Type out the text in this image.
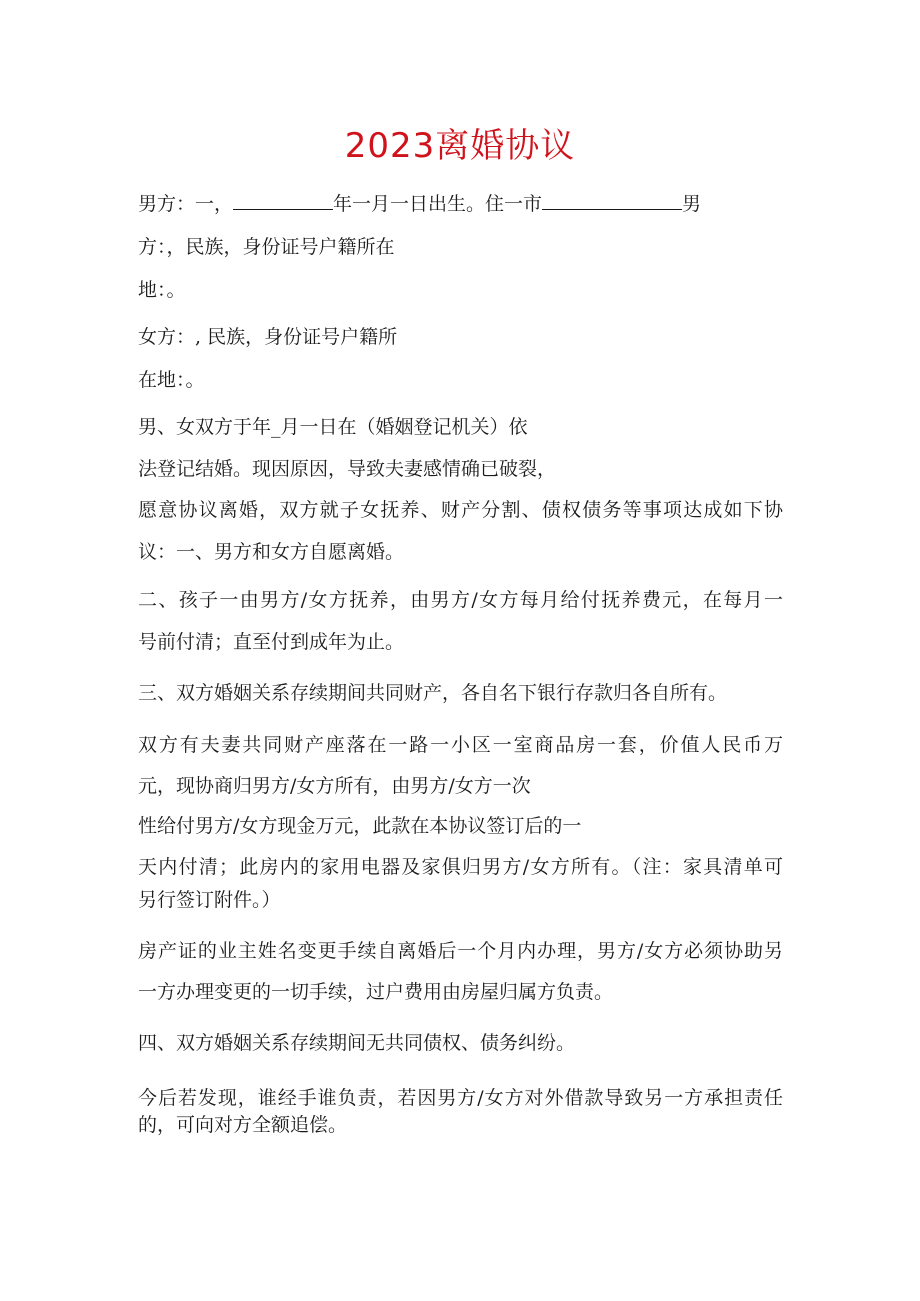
2023离婚协议
男方：一，	年一月一日出生。住一市	男
方：，民族，身份证号户籍所在
地：。
女方：, 民族，身份证号户籍所
在地：。
男、女双方于年_月一日在（婚姻登记机关）依
法登记结婚。现因原因，导致夫妻感情确已破裂，
愿意协议离婚，双方就子女抚养、财产分割、债权债务等事项达成如下协
议：一、男方和女方自愿离婚。
二、孩子一由男方/女方抚养，由男方/女方每月给付抚养费元，在每月一
号前付清；直至付到成年为止。
三、双方婚姻关系存续期间共同财产，各自名下银行存款归各自所有。
双方有夫妻共同财产座落在一路一小区一室商品房一套，价值人民币万
元，现协商归男方/女方所有，由男方/女方一次
性给付男方/女方现金万元，此款在本协议签订后的一
天内付清；此房内的家用电器及家俱归男方/女方所有。（注：家具清单可
另行签订附件。）
房产证的业主姓名变更手续自离婚后一个月内办理，男方/女方必须协助另
一方办理变更的一切手续，过户费用由房屋归属方负责。
四、双方婚姻关系存续期间无共同债权、债务纠纷。
今后若发现，谁经手谁负责，若因男方/女方对外借款导致另一方承担责任
的，可向对方全额追偿。
